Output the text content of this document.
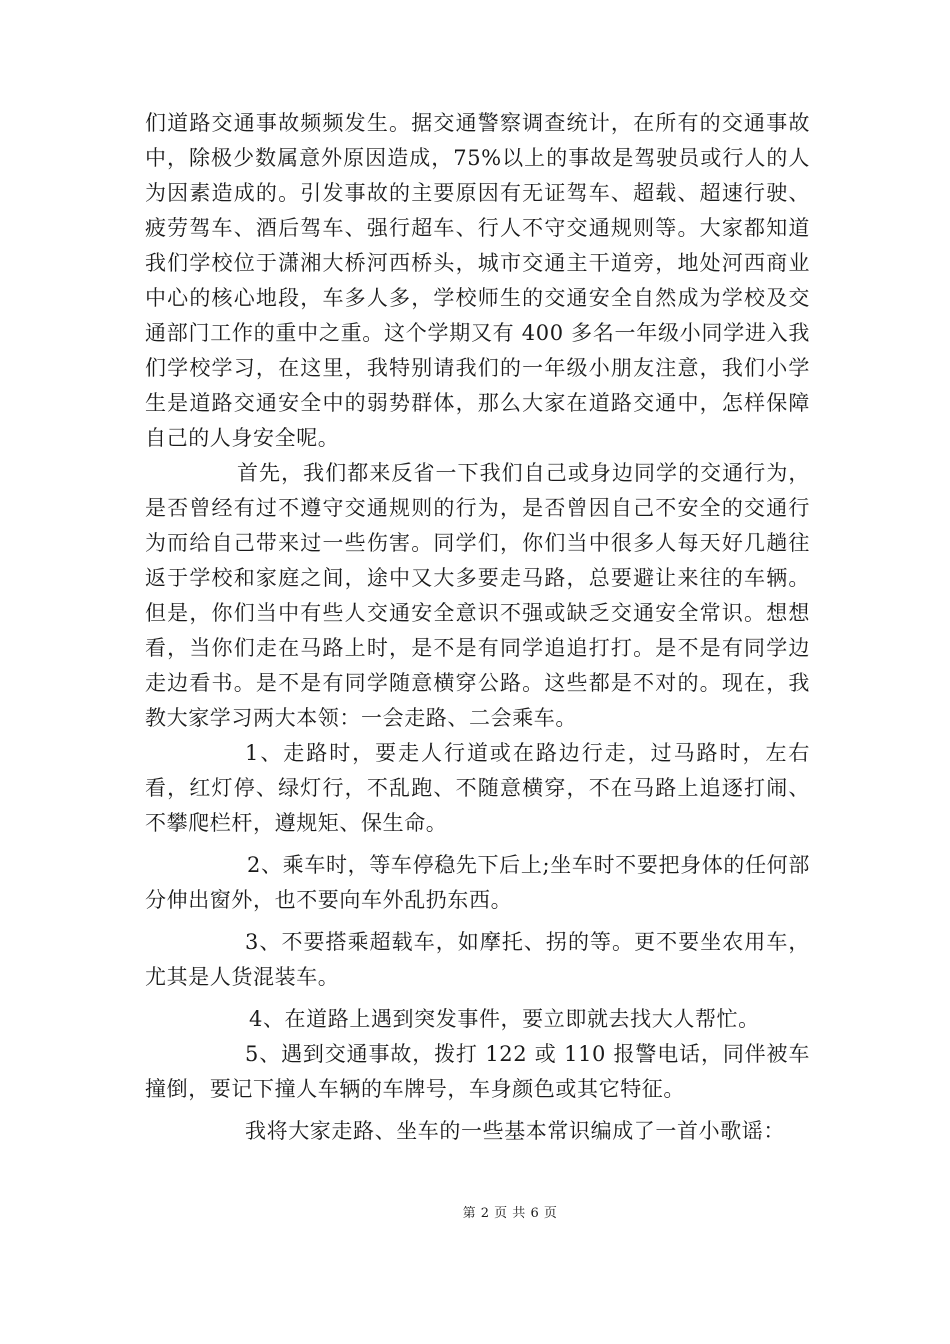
们道路交通事故频频发生。据交通警察调查统计，在所有的交通事故中，除极少数属意外原因造成，75%以上的事故是驾驶员或行人的人为因素造成的。引发事故的主要原因有无证驾车、超载、超速行驶、疲劳驾车、酒后驾车、强行超车、行人不守交通规则等。大家都知道我们学校位于潇湘大桥河西桥头，城市交通主干道旁，地处河西商业中心的核心地段，车多人多，学校师生的交通安全自然成为学校及交通部门工作的重中之重。这个学期又有 400 多名一年级小同学进入我们学校学习，在这里，我特别请我们的一年级小朋友注意，我们小学生是道路交通安全中的弱势群体，那么大家在道路交通中，怎样保障自己的人身安全呢。

首先，我们都来反省一下我们自己或身边同学的交通行为，是否曾经有过不遵守交通规则的行为，是否曾因自己不安全的交通行为而给自己带来过一些伤害。同学们，你们当中很多人每天好几趟往返于学校和家庭之间，途中又大多要走马路，总要避让来往的车辆。但是，你们当中有些人交通安全意识不强或缺乏交通安全常识。想想看，当你们走在马路上时，是不是有同学追追打打。是不是有同学边走边看书。是不是有同学随意横穿公路。这些都是不对的。现在，我教大家学习两大本领：一会走路、二会乘车。

1、走路时，要走人行道或在路边行走，过马路时，左右看，红灯停、绿灯行，不乱跑、不随意横穿，不在马路上追逐打闹、不攀爬栏杆，遵规矩、保生命。

2、乘车时，等车停稳先下后上;坐车时不要把身体的任何部分伸出窗外，也不要向车外乱扔东西。

3、不要搭乘超载车，如摩托、拐的等。更不要坐农用车，尤其是人货混装车。

4、在道路上遇到突发事件，要立即就去找大人帮忙。

5、遇到交通事故，拨打 122 或 110 报警电话，同伴被车撞倒，要记下撞人车辆的车牌号，车身颜色或其它特征。

我将大家走路、坐车的一些基本常识编成了一首小歌谣：

第 2 页 共 6 页
